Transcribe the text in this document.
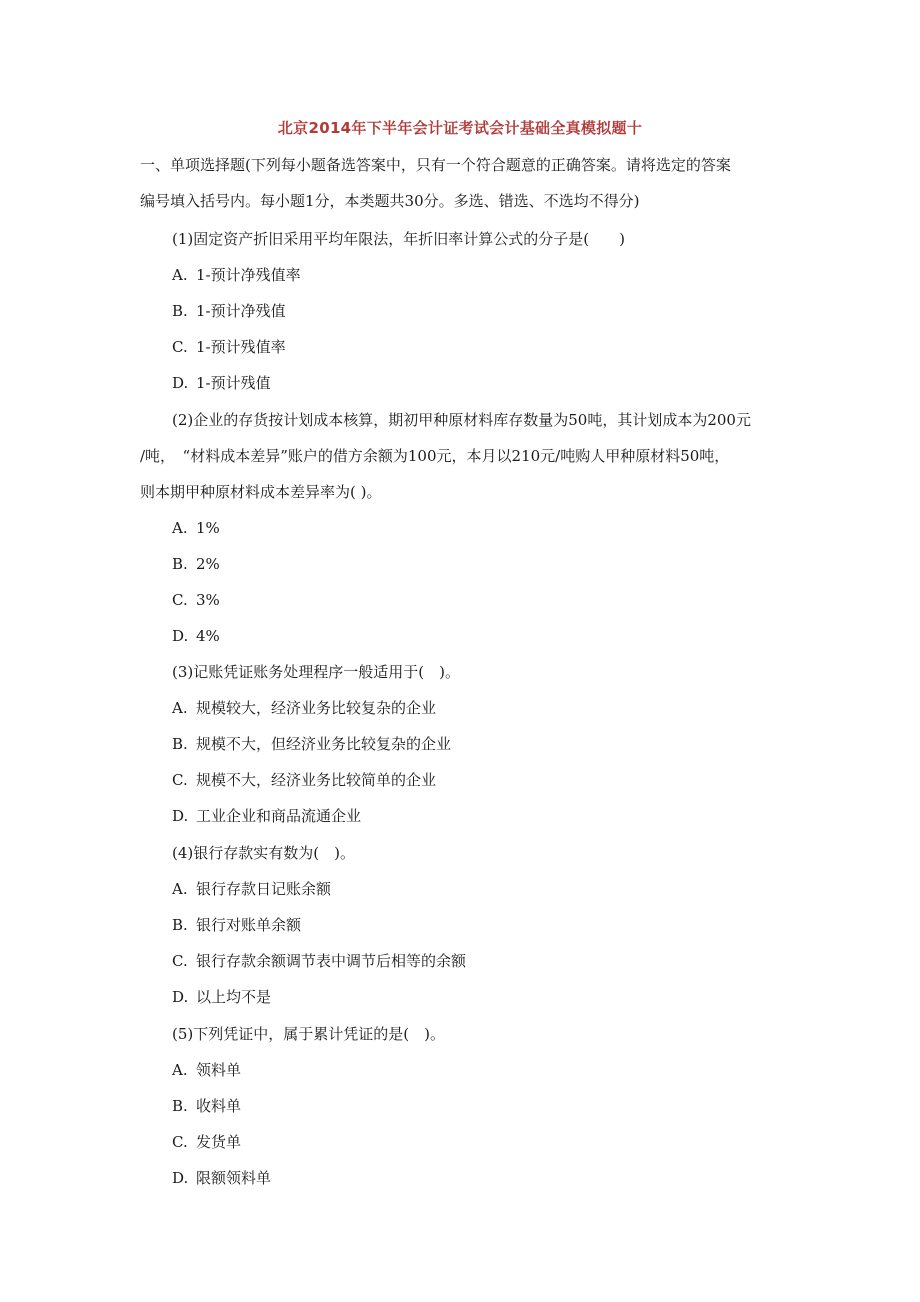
北京2014年下半年会计证考试会计基础全真模拟题十
一、单项选择题(下列每小题备选答案中，只有一个符合题意的正确答案。请将选定的答案
编号填入括号内。每小题1分，本类题共30分。多选、错选、不选均不得分)
(1)固定资产折旧采用平均年限法，年折旧率计算公式的分子是(　　)
A. 1-预计净残值率
B. 1-预计净残值
C. 1-预计残值率
D. 1-预计残值
(2)企业的存货按计划成本核算，期初甲种原材料库存数量为50吨，其计划成本为200元
/吨，　“材料成本差异”账户的借方余额为100元，本月以210元/吨购人甲种原材料50吨，
则本期甲种原材料成本差异率为( )。
A. 1%
B. 2%
C. 3%
D. 4%
(3)记账凭证账务处理程序一般适用于(　)。
A. 规模较大，经济业务比较复杂的企业
B. 规模不大，但经济业务比较复杂的企业
C. 规模不大，经济业务比较简单的企业
D. 工业企业和商品流通企业
(4)银行存款实有数为(　)。
A. 银行存款日记账余额
B. 银行对账单余额
C. 银行存款余额调节表中调节后相等的余额
D. 以上均不是
(5)下列凭证中，属于累计凭证的是(　)。
A. 领料单
B. 收料单
C. 发货单
D. 限额领料单
